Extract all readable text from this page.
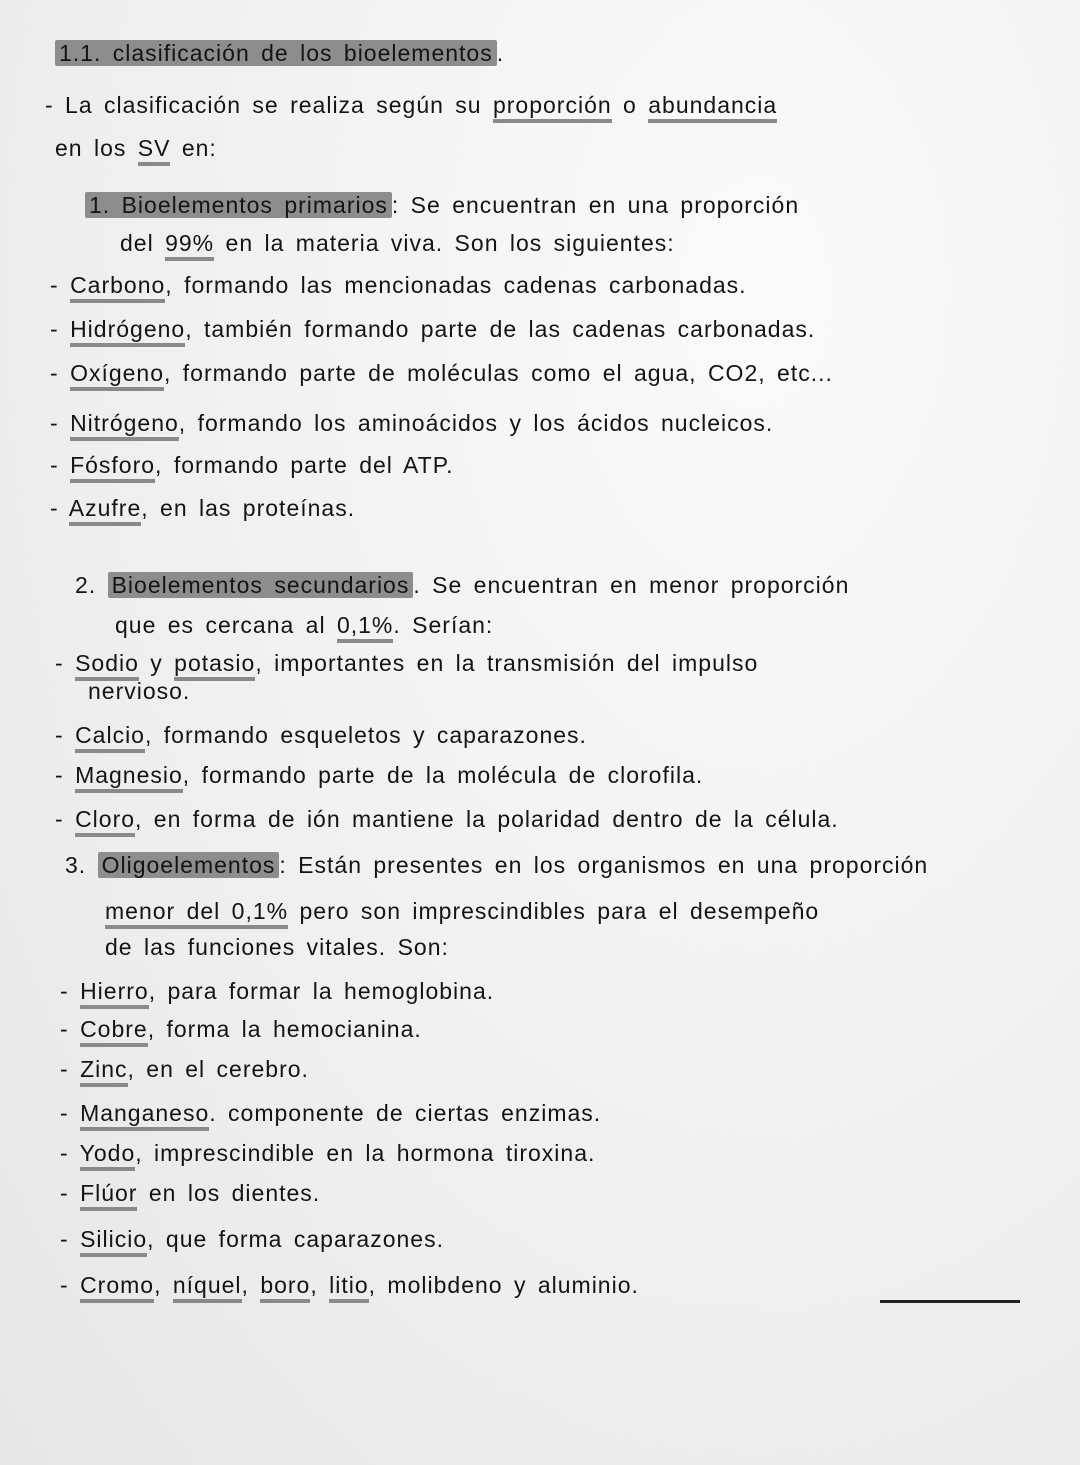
1.1. clasificación de los bioelementos .
- La clasificación se realiza según su proporción o abundancia
en los SV en:
1. Bioelementos primarios : Se encuentran en una proporción
del 99% en la materia viva. Son los siguientes:
- Carbono, formando las mencionadas cadenas carbonadas.
- Hidrógeno, también formando parte de las cadenas carbonadas.
- Oxígeno, formando parte de moléculas como el agua, CO2, etc...
- Nitrógeno, formando los aminoácidos y los ácidos nucleicos.
- Fósforo, formando parte del ATP.
- Azufre, en las proteínas.
2. Bioelementos secundarios . Se encuentran en menor proporción
que es cercana al 0,1%. Serían:
- Sodio y potasio, importantes en la transmisión del impulso
nervioso.
- Calcio, formando esqueletos y caparazones.
- Magnesio, formando parte de la molécula de clorofila.
- Cloro, en forma de ión mantiene la polaridad dentro de la célula.
3. Oligoelementos : Están presentes en los organismos en una proporción
menor del 0,1% pero son imprescindibles para el desempeño
de las funciones vitales. Son:
- Hierro, para formar la hemoglobina.
- Cobre, forma la hemocianina.
- Zinc, en el cerebro.
- Manganeso. componente de ciertas enzimas.
- Yodo, imprescindible en la hormona tiroxina.
- Flúor en los dientes.
- Silicio, que forma caparazones.
- Cromo, níquel, boro, litio, molibdeno y aluminio.
